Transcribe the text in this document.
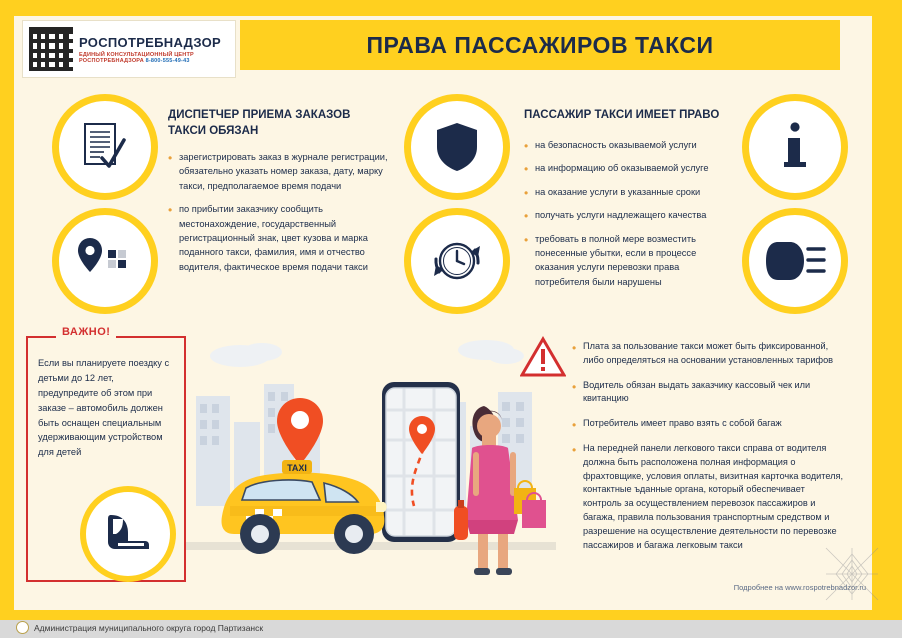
ПРАВА ПАССАЖИРОВ ТАКСИ
РОСПОТРЕБНАДЗОР
ЕДИНЫЙ КОНСУЛЬТАЦИОННЫЙ ЦЕНТР
РОСПОТРЕБНАДЗОРА 8-800-555-49-43
ДИСПЕТЧЕР ПРИЕМА ЗАКАЗОВ ТАКСИ ОБЯЗАН
• зарегистрировать заказ в журнале регистрации, обязательно указать номер заказа, дату, марку такси, предполагаемое время подачи
• по прибытии заказчику сообщить местонахождение, государственный регистрационный знак, цвет кузова и марка поданного такси, фамилия, имя и отчество водителя, фактическое время подачи такси
ПАССАЖИР ТАКСИ ИМЕЕТ ПРАВО
• на безопасность оказываемой услуги
• на информацию об оказываемой услуге
• на оказание услуги в указанные сроки
• получать услуги надлежащего качества
• требовать в полной мере возместить понесенные убытки, если в процессе оказания услуги перевозки права потребителя были нарушены
ВАЖНО!
Если вы планируете поездку с детьми до 12 лет, предупредите об этом при заказе – автомобиль должен быть оснащен специальным удерживающим устройством для детей
TAXI
• Плата за пользование такси может быть фиксированной, либо определяться на основании установленных тарифов
• Водитель обязан выдать заказчику кассовый чек или квитанцию
• Потребитель имеет право взять с собой багаж
• На передней панели легкового такси справа от водителя должна быть расположена полная информация о фрахтовщике, условия оплаты, визитная карточка водителя, контактные ъданные органа, который обеспечивает контроль за осуществлением перевозок пассажиров и багажа, правила пользования транспортным средством и разрешение на осуществление деятельности по перевозке пассажиров и багажа легковым такси
Подробнее на www.rospotrebnadzor.ru
Администрация муниципального округа город Партизанск
